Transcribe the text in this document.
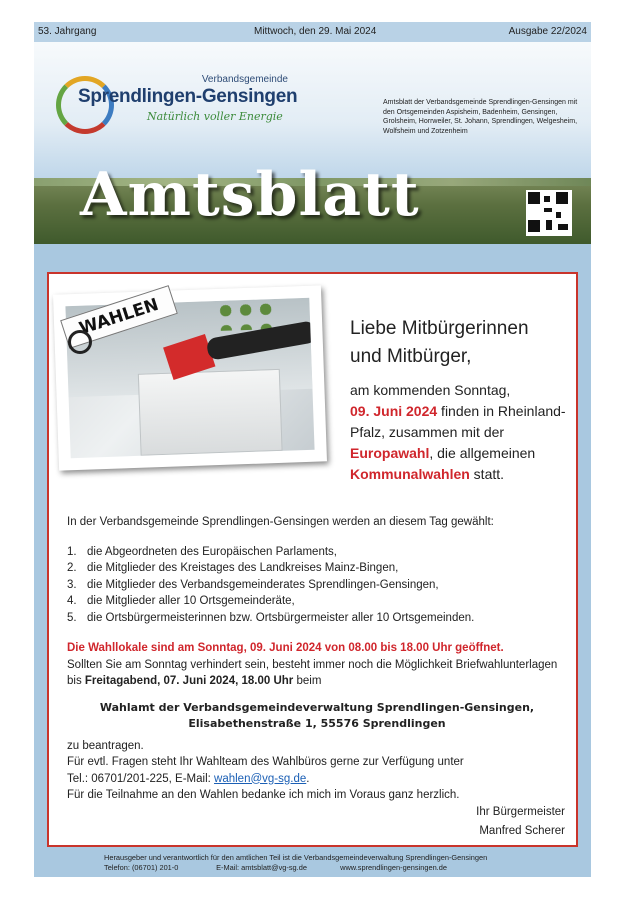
53. Jahrgang	Mittwoch, den 29. Mai 2024	Ausgabe 22/2024
Verbandsgemeinde
Sprendlingen-Gensingen
Natürlich voller Energie
Amtsblatt der Verbandsgemeinde Sprendlingen-Gensingen mit den Ortsgemeinden Aspisheim, Badenheim, Gensingen, Grolsheim, Horrweiler, St. Johann, Sprendlingen, Welgesheim, Wolfsheim und Zotzenheim
Amtsblatt
WAHLEN	Liebe Mitbürgerinnen
und Mitbürger,
am kommenden Sonntag,
09. Juni 2024 finden in Rheinland-Pfalz, zusammen mit der
Europawahl, die allgemeinen
Kommunalwahlen statt.
In der Verbandsgemeinde Sprendlingen-Gensingen werden an diesem Tag gewählt:
1. die Abgeordneten des Europäischen Parlaments,
2. die Mitglieder des Kreistages des Landkreises Mainz-Bingen,
3. die Mitglieder des Verbandsgemeinderates Sprendlingen-Gensingen,
4. die Mitglieder aller 10 Ortsgemeinderäte,
5. die Ortsbürgermeisterinnen bzw. Ortsbürgermeister aller 10 Ortsgemeinden.
Die Wahllokale sind am Sonntag, 09. Juni 2024 von 08.00 bis 18.00 Uhr geöffnet.
Sollten Sie am Sonntag verhindert sein, besteht immer noch die Möglichkeit Briefwahlunterlagen bis Freitagabend, 07. Juni 2024, 18.00 Uhr beim
Wahlamt der Verbandsgemeindeverwaltung Sprendlingen-Gensingen,
Elisabethenstraße 1, 55576 Sprendlingen
zu beantragen.
Für evtl. Fragen steht Ihr Wahlteam des Wahlbüros gerne zur Verfügung unter
Tel.: 06701/201-225, E-Mail: wahlen@vg-sg.de.
Für die Teilnahme an den Wahlen bedanke ich mich im Voraus ganz herzlich.
Ihr Bürgermeister
Manfred Scherer
Herausgeber und verantwortlich für den amtlichen Teil ist die Verbandsgemeindeverwaltung Sprendlingen-Gensingen
Telefon: (06701) 201-0	E-Mail: amtsblatt@vg-sg.de	www.sprendlingen-gensingen.de
